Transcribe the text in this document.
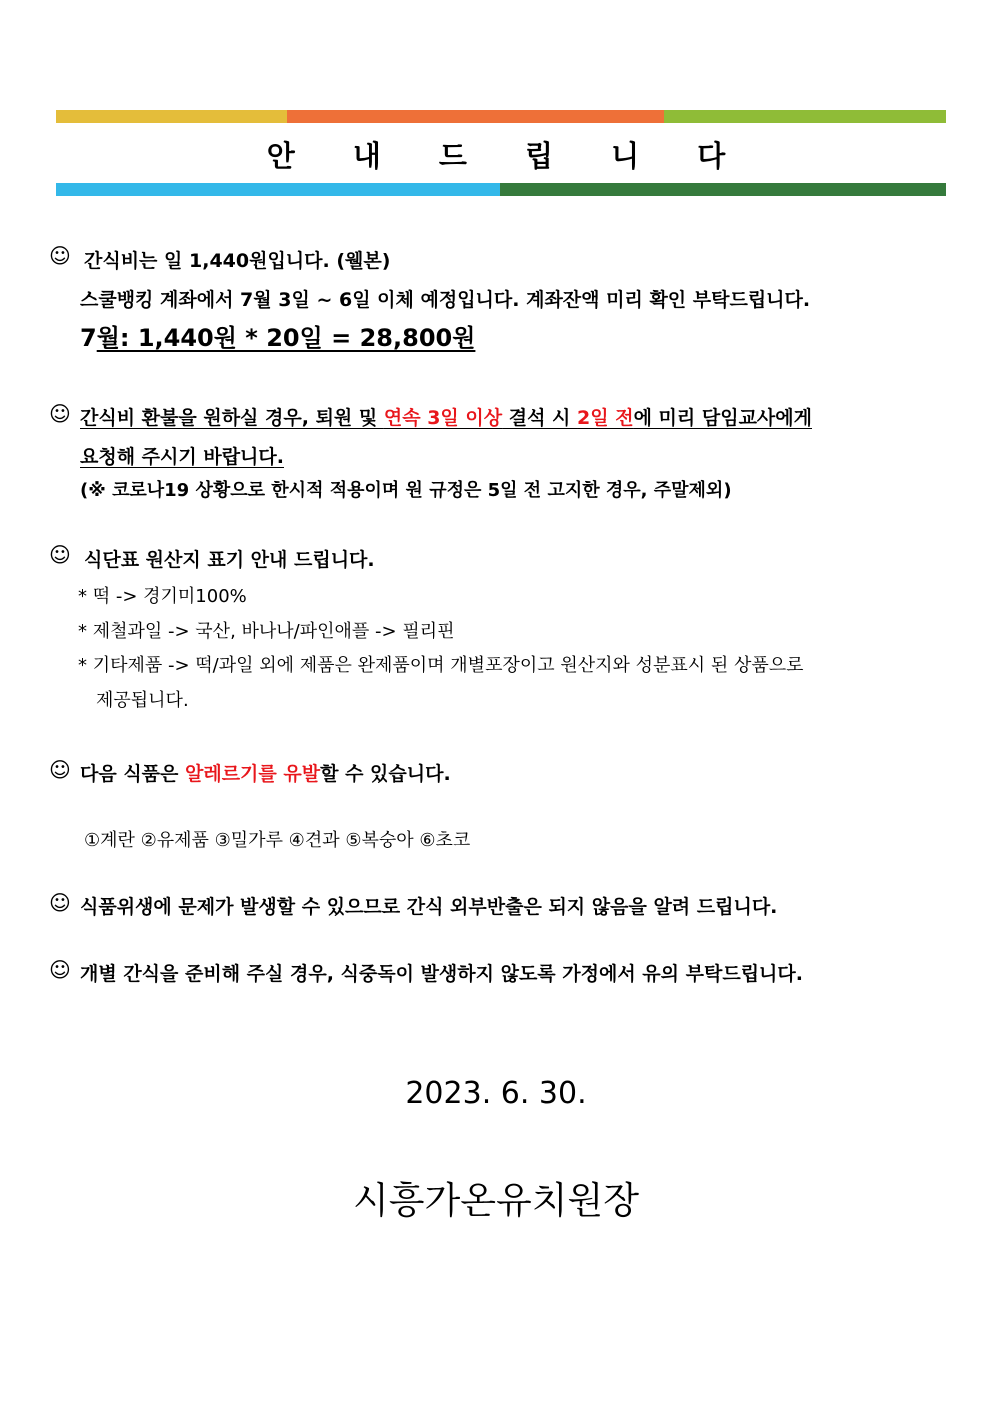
안 내 드 립 니 다
☺ 간식비는 일 1,440원입니다. (웰본)
스쿨뱅킹 계좌에서 7월 3일 ~ 6일 이체 예정입니다. 계좌잔액 미리 확인 부탁드립니다.
7월: 1,440원 * 20일 = 28,800원
☺ 간식비 환불을 원하실 경우, 퇴원 및 연속 3일 이상 결석 시 2일 전에 미리 담임교사에게
요청해 주시기 바랍니다.
(※ 코로나19 상황으로 한시적 적용이며 원 규정은 5일 전 고지한 경우, 주말제외)
☺ 식단표 원산지 표기 안내 드립니다.
* 떡 -> 경기미100%
* 제철과일 -> 국산, 바나나/파인애플 -> 필리핀
* 기타제품 -> 떡/과일 외에 제품은 완제품이며 개별포장이고 원산지와 성분표시 된 상품으로
제공됩니다.
☺ 다음 식품은 알레르기를 유발할 수 있습니다.
①계란 ②유제품 ③밀가루 ④견과 ⑤복숭아 ⑥초코
☺ 식품위생에 문제가 발생할 수 있으므로 간식 외부반출은 되지 않음을 알려 드립니다.
☺ 개별 간식을 준비해 주실 경우, 식중독이 발생하지 않도록 가정에서 유의 부탁드립니다.
2023. 6. 30.
시흥가온유치원장
